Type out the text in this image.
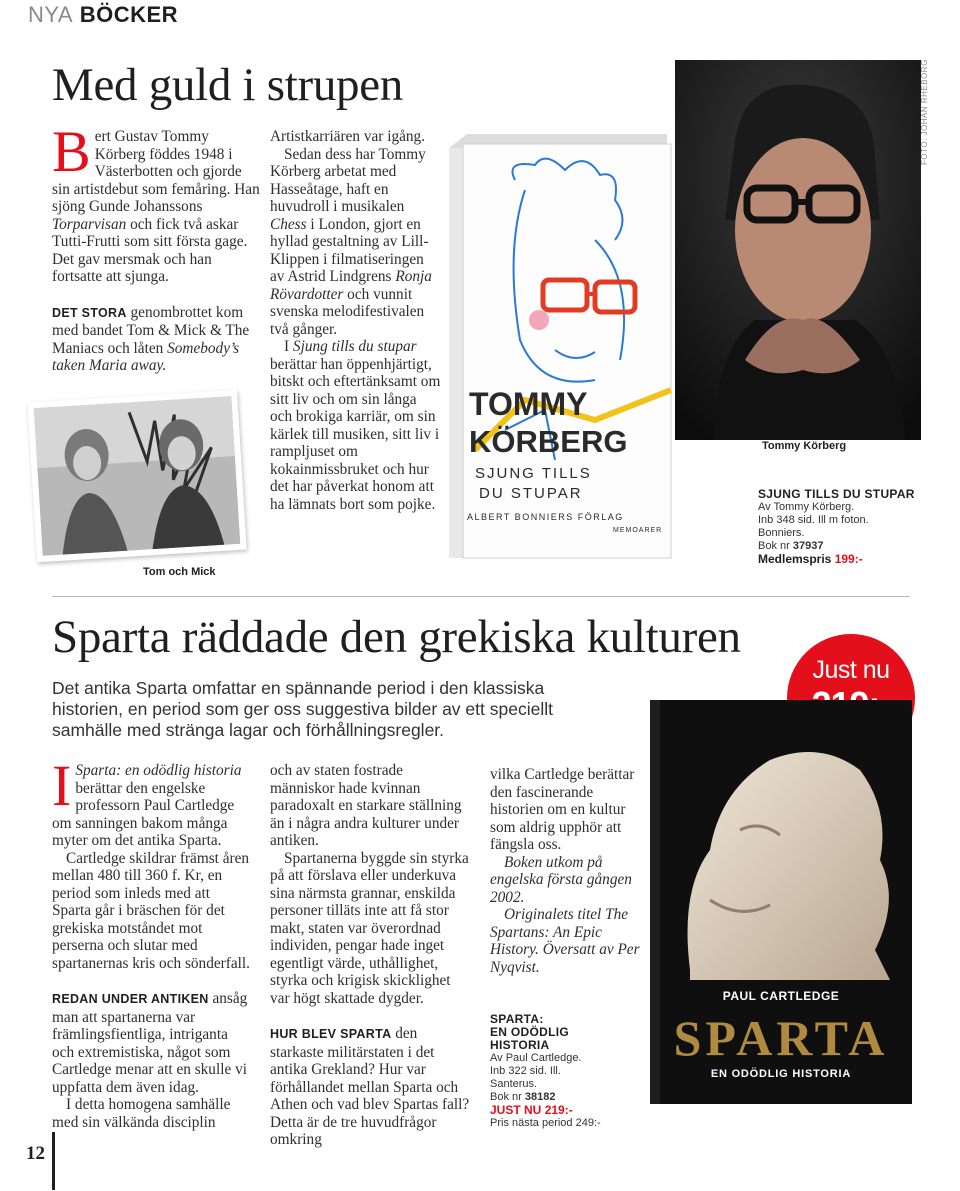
NYA BÖCKER
Med guld i strupen

Bert Gustav Tommy Körberg föddes 1948 i Västerbotten och gjorde sin artistdebut som femåring. Han sjöng Gunde Johanssons Torparvisan och fick två askar Tutti-Frutti som sitt första gage. Det gav mersmak och han fortsatte att sjunga.

DET STORA genombrottet kom med bandet Tom & Mick & The Maniacs och låten Somebody’s taken Maria away.

Artistkarriären var igång.

Sedan dess har Tommy Körberg arbetat med Hasseåtage, haft en huvudroll i musikalen Chess i London, gjort en hyllad gestaltning av Lill-Klippen i filmatiseringen av Astrid Lindgrens Ronja Rövardotter och vunnit svenska melodifestivalen två gånger.

I Sjung tills du stupar berättar han öppenhjärtigt, bitskt och eftertänksamt om sitt liv och om sin långa och brokiga karriär, om sin kärlek till musiken, sitt liv i rampljuset om kokainmissbruket och hur det har påverkat honom att ha lämnats bort som pojke.

Tom och Mick
TOMMY
KÖRBERG
SJUNG TILLS
DU STUPAR
ALBERT BONNIERS FÖRLAG
MEMOARER
FOTO: JOHAN RHEBORG
Tommy Körberg
SJUNG TILLS DU STUPAR
Av Tommy Körberg.
Inb 348 sid. Ill m foton.
Bonniers.
Bok nr 37937
Medlemspris 199:-
Sparta räddade den grekiska kulturen
Det antika Sparta omfattar en spännande period i den klassiska historien, en period som ger oss suggestiva bilder av ett speciellt samhälle med stränga lagar och förhållningsregler.
Just nu

I Sparta: en odödlig historia berättar den engelske professorn Paul Cartledge om sanningen bakom många myter om det antika Sparta.

Cartledge skildrar främst åren mellan 480 till 360 f. Kr, en period som inleds med att Sparta går i bräschen för det grekiska motståndet mot perserna och slutar med spartanernas kris och sönderfall.

REDAN UNDER ANTIKEN ansåg man att spartanerna var främlingsfientliga, intriganta och extremistiska, något som Cartledge menar att en skulle vi uppfatta dem även idag.

I detta homogena samhälle med sin välkända disciplin

och av staten fostrade människor hade kvinnan paradoxalt en starkare ställning än i några andra kulturer under antiken.

Spartanerna byggde sin styrka på att förslava eller underkuva sina närmsta grannar, enskilda personer tilläts inte att få stor makt, staten var överordnad individen, pengar hade inget egentligt värde, uthållighet, styrka och krigisk skicklighet var högt skattade dygder.

HUR BLEV SPARTA den starkaste militärstaten i det antika Grekland? Hur var förhållandet mellan Sparta och Athen och vad blev Spartas fall? Detta är de tre huvudfrågor omkring

vilka Cartledge berättar den fascinerande historien om en kultur som aldrig upphör att fängsla oss.

Boken utkom på engelska första gången 2002.

Originalets titel The Spartans: An Epic History. Översatt av Per Nyqvist.

SPARTA:
EN ODÖDLIG
HISTORIA
Av Paul Cartledge.
Inb 322 sid. Ill.
Santerus.
Bok nr 38182
JUST NU 219:-
Pris nästa period 249:-
PAUL CARTLEDGE
SPARTA
EN ODÖDLIG HISTORIA
12
